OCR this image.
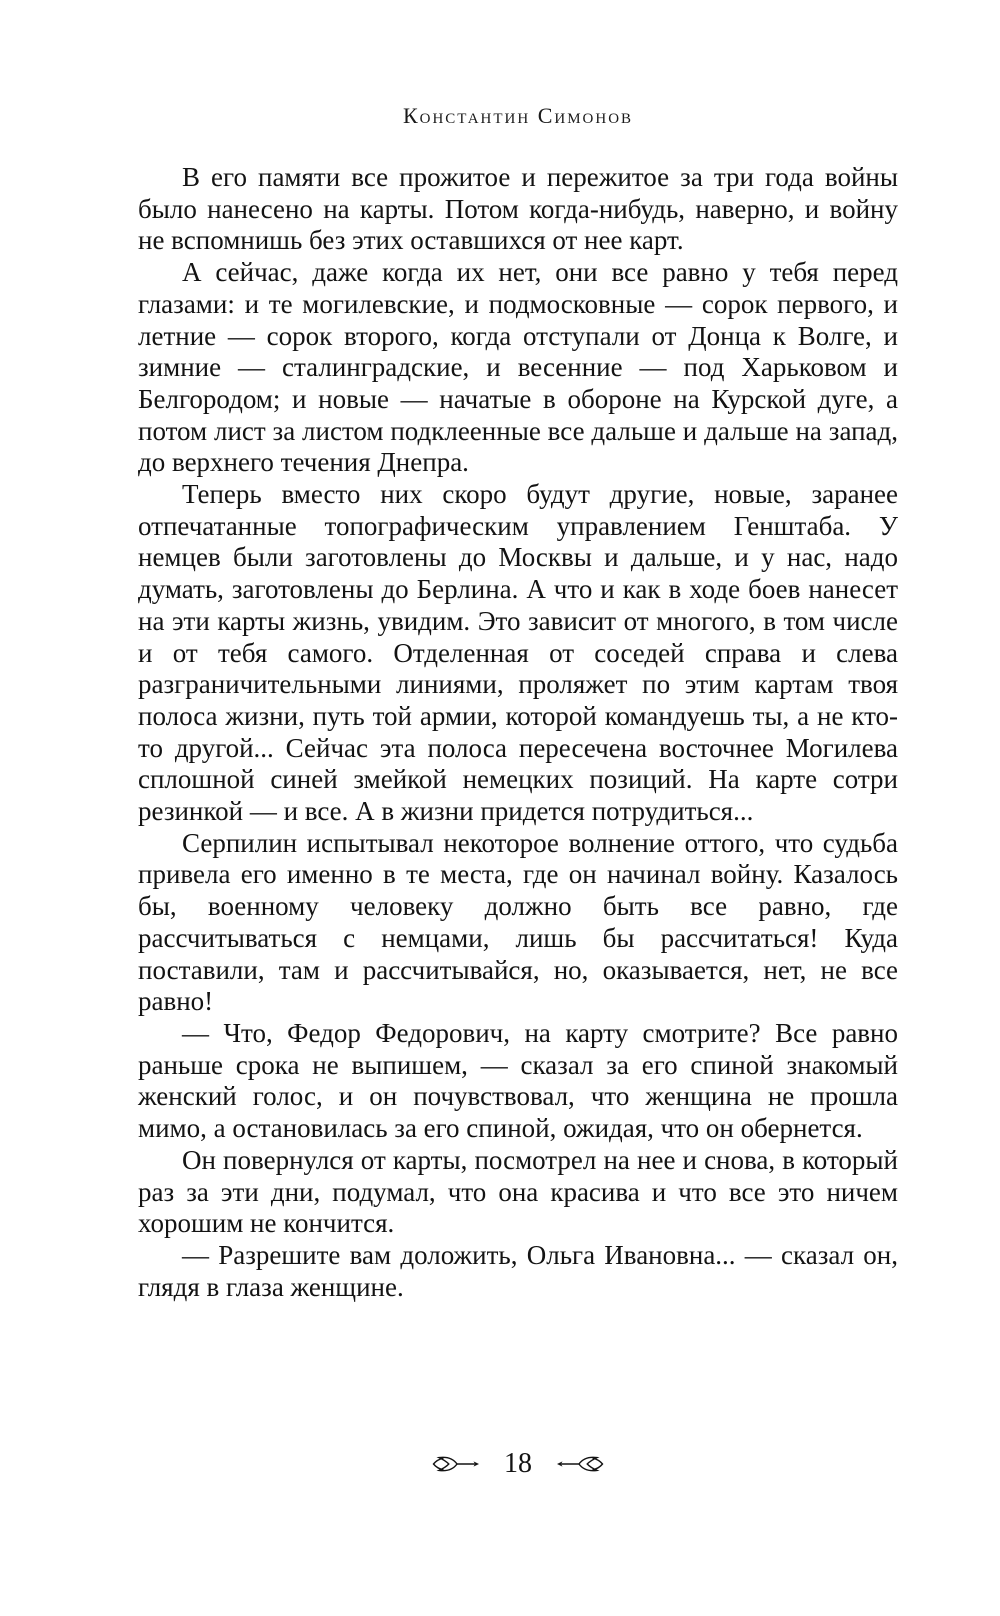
Константин Симонов

В его памяти все прожитое и пережитое за три года войны было нанесено на карты. Потом когда-нибудь, наверно, и войну не вспомнишь без этих оставшихся от нее карт.

А сейчас, даже когда их нет, они все равно у тебя перед глазами: и те могилевские, и подмосковные — сорок первого, и летние — сорок второго, когда отступали от Донца к Волге, и зимние — сталинградские, и весенние — под Харьковом и Белгородом; и новые — начатые в обороне на Курской дуге, а потом лист за листом подклеенные все дальше и дальше на запад, до верхнего течения Днепра.

Теперь вместо них скоро будут другие, новые, заранее отпечатанные топографическим управлением Генштаба. У немцев были заготовлены до Москвы и дальше, и у нас, надо думать, заготовлены до Берлина. А что и как в ходе боев нанесет на эти карты жизнь, увидим. Это зависит от многого, в том числе и от тебя самого. Отделенная от соседей справа и слева разграничительными линиями, проляжет по этим картам твоя полоса жизни, путь той армии, которой командуешь ты, а не кто-то другой... Сейчас эта полоса пересечена восточнее Могилева сплошной синей змейкой немецких позиций. На карте сотри резинкой — и все. А в жизни придется потрудиться...

Серпилин испытывал некоторое волнение оттого, что судьба привела его именно в те места, где он начинал войну. Казалось бы, военному человеку должно быть все равно, где рассчитываться с немцами, лишь бы рассчитаться! Куда поставили, там и рассчитывайся, но, оказывается, нет, не все равно!

— Что, Федор Федорович, на карту смотрите? Все равно раньше срока не выпишем, — сказал за его спиной знакомый женский голос, и он почувствовал, что женщина не прошла мимо, а остановилась за его спиной, ожидая, что он обернется.

Он повернулся от карты, посмотрел на нее и снова, в который раз за эти дни, подумал, что она красива и что все это ничем хорошим не кончится.

— Разрешите вам доложить, Ольга Ивановна... — сказал он, глядя в глаза женщине.

18
